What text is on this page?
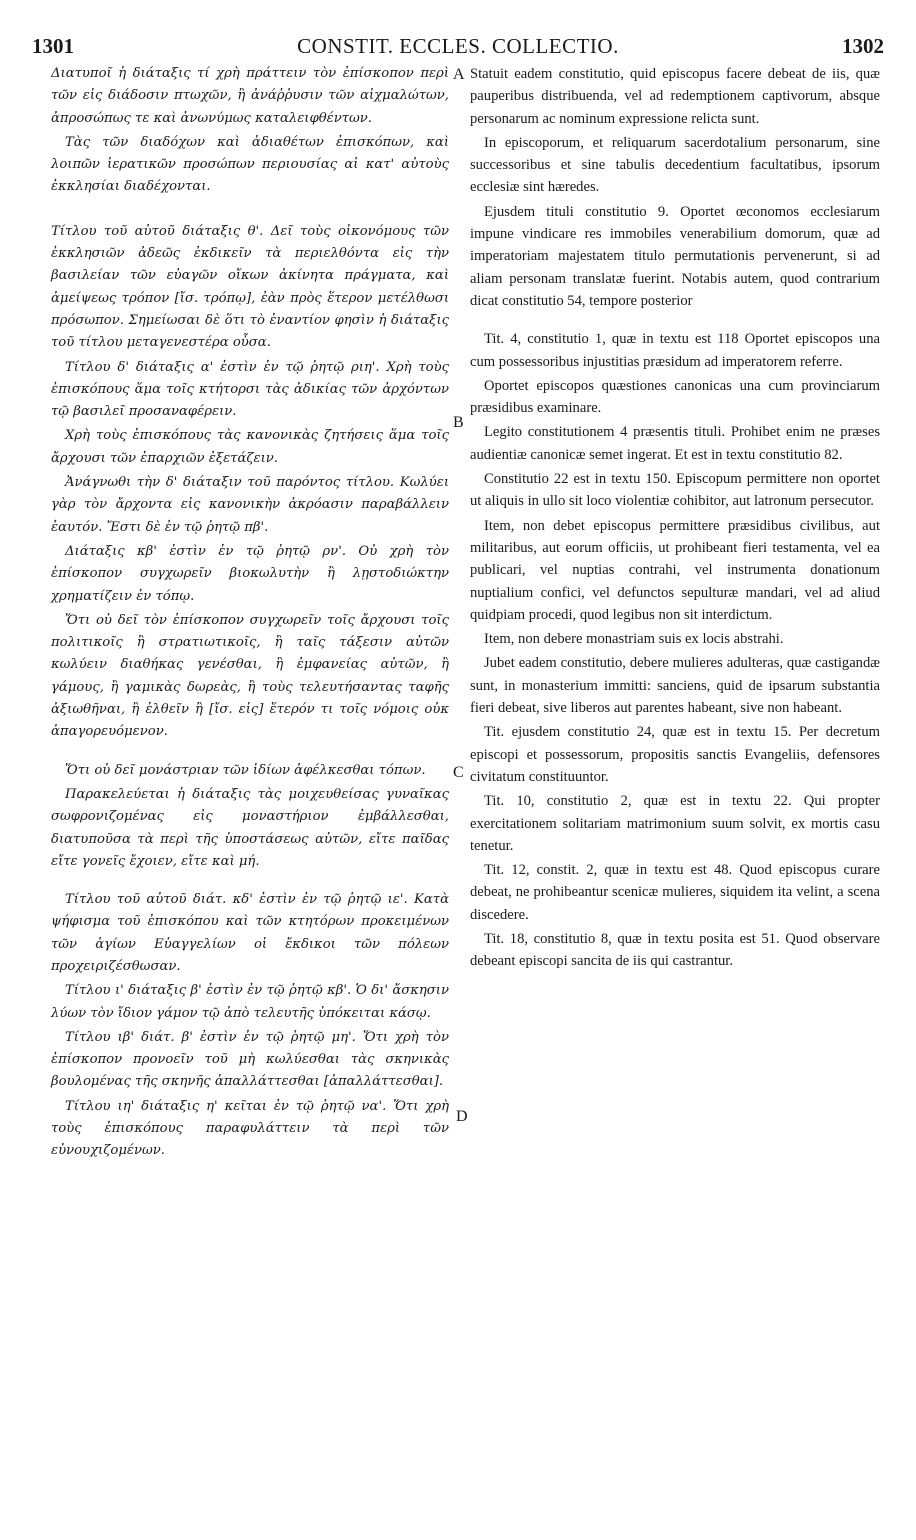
1301	CONSTIT. ECCLES. COLLECTIO.	1302
A
B
C
D

Διατυποῖ ἡ διάταξις τί χρὴ πράττειν τὸν ἐπίσκοπον περὶ τῶν εἰς διάδοσιν πτωχῶν, ἢ ἀνάῤῥυσιν τῶν αἰχμαλώτων, ἀπροσώπως τε καὶ ἀνωνύμως καταλειφθέντων.

Τὰς τῶν διαδόχων καὶ ἀδιαθέτων ἐπισκόπων, καὶ λοιπῶν ἱερατικῶν προσώπων περιουσίας αἱ κατ' αὐτοὺς ἐκκλησίαι διαδέχονται.

Τίτλου τοῦ αὐτοῦ διάταξις θ'. Δεῖ τοὺς οἰκονόμους τῶν ἐκκλησιῶν ἀδεῶς ἐκδικεῖν τὰ περιελθόντα εἰς τὴν βασιλείαν τῶν εὐαγῶν οἴκων ἀκίνητα πράγματα, καὶ ἀμείψεως τρόπον [ἴσ. τρόπῳ], ἐὰν πρὸς ἕτερον μετέλθωσι πρόσωπον. Σημείωσαι δὲ ὅτι τὸ ἐναντίον φησὶν ἡ διάταξις τοῦ τίτλου μεταγενεστέρα οὖσα.

Τίτλου δ' διάταξις α' ἐστὶν ἐν τῷ ῥητῷ ριη'. Χρὴ τοὺς ἐπισκόπους ἅμα τοῖς κτήτορσι τὰς ἀδικίας τῶν ἀρχόντων τῷ βασιλεῖ προσαναφέρειν.

Χρὴ τοὺς ἐπισκόπους τὰς κανονικὰς ζητήσεις ἅμα τοῖς ἄρχουσι τῶν ἐπαρχιῶν ἐξετάζειν.

Ἀνάγνωθι τὴν δ' διάταξιν τοῦ παρόντος τίτλου. Κωλύει γὰρ τὸν ἄρχοντα εἰς κανονικὴν ἀκρόασιν παραβάλλειν ἑαυτόν. Ἔστι δὲ ἐν τῷ ῥητῷ πβ'.

Διάταξις κβ' ἐστὶν ἐν τῷ ῥητῷ ρν'. Οὐ χρὴ τὸν ἐπίσκοπον συγχωρεῖν βιοκωλυτὴν ἢ λῃστοδιώκτην χρηματίζειν ἐν τόπῳ.

Ὅτι οὐ δεῖ τὸν ἐπίσκοπον συγχωρεῖν τοῖς ἄρχουσι τοῖς πολιτικοῖς ἢ στρατιωτικοῖς, ἢ ταῖς τάξεσιν αὐτῶν κωλύειν διαθήκας γενέσθαι, ἢ ἐμφανείας αὐτῶν, ἢ γάμους, ἢ γαμικὰς δωρεὰς, ἢ τοὺς τελευτήσαντας ταφῆς ἀξιωθῆναι, ἢ ἐλθεῖν ἢ [ἴσ. εἰς] ἕτερόν τι τοῖς νόμοις οὐκ ἀπαγορευόμενον.

Ὅτι οὐ δεῖ μονάστριαν τῶν ἰδίων ἀφέλκεσθαι τόπων.

Παρακελεύεται ἡ διάταξις τὰς μοιχευθείσας γυναῖκας σωφρονιζομένας εἰς μοναστήριον ἐμβάλλεσθαι, διατυποῦσα τὰ περὶ τῆς ὑποστάσεως αὐτῶν, εἴτε παῖδας εἴτε γονεῖς ἔχοιεν, εἴτε καὶ μή.

Τίτλου τοῦ αὐτοῦ διάτ. κδ' ἐστὶν ἐν τῷ ῥητῷ ιε'. Κατὰ ψήφισμα τοῦ ἐπισκόπου καὶ τῶν κτητόρων προκειμένων τῶν ἁγίων Εὐαγγελίων οἱ ἔκδικοι τῶν πόλεων προχειριζέσθωσαν.

Τίτλου ι' διάταξις β' ἐστὶν ἐν τῷ ῥητῷ κβ'. Ὁ δι' ἄσκησιν λύων τὸν ἴδιον γάμον τῷ ἀπὸ τελευτῆς ὑπόκειται κάσῳ.

Τίτλου ιβ' διάτ. β' ἐστὶν ἐν τῷ ῥητῷ μη'. Ὅτι χρὴ τὸν ἐπίσκοπον προνοεῖν τοῦ μὴ κωλύεσθαι τὰς σκηνικὰς βουλομένας τῆς σκηνῆς ἀπαλλάττεσθαι [ἀπαλλάττεσθαι].

Τίτλου ιη' διάταξις η' κεῖται ἐν τῷ ῥητῷ να'. Ὅτι χρὴ τοὺς ἐπισκόπους παραφυλάττειν τὰ περὶ τῶν εὐνουχιζομένων.

Statuit eadem constitutio, quid episcopus facere debeat de iis, quæ pauperibus distribuenda, vel ad redemptionem captivorum, absque personarum ac nominum expressione relicta sunt.

In episcoporum, et reliquarum sacerdotalium personarum, sine successoribus et sine tabulis decedentium facultatibus, ipsorum ecclesiæ sint hæredes.

Ejusdem tituli constitutio 9. Oportet œconomos ecclesiarum impune vindicare res immobiles venerabilium domorum, quæ ad imperatoriam majestatem titulo permutationis pervenerunt, si ad aliam personam translatæ fuerint. Notabis autem, quod contrarium dicat constitutio 54, tempore posterior

Tit. 4, constitutio 1, quæ in textu est 118 Oportet episcopos una cum possessoribus injustitias præsidum ad imperatorem referre.

Oportet episcopos quæstiones canonicas una cum provinciarum præsidibus examinare.

Legito constitutionem 4 præsentis tituli. Prohibet enim ne præses audientiæ canonicæ semet ingerat. Et est in textu constitutio 82.

Constitutio 22 est in textu 150. Episcopum permittere non oportet ut aliquis in ullo sit loco violentiæ cohibitor, aut latronum persecutor.

Item, non debet episcopus permittere præsidibus civilibus, aut militaribus, aut eorum officiis, ut prohibeant fieri testamenta, vel ea publicari, vel nuptias contrahi, vel instrumenta donationum nuptialium confici, vel defunctos sepulturæ mandari, vel ad aliud quidpiam procedi, quod legibus non sit interdictum.

Item, non debere monastriam suis ex locis abstrahi.

Jubet eadem constitutio, debere mulieres adulteras, quæ castigandæ sunt, in monasterium immitti: sanciens, quid de ipsarum substantia fieri debeat, sive liberos aut parentes habeant, sive non habeant.

Tit. ejusdem constitutio 24, quæ est in textu 15. Per decretum episcopi et possessorum, propositis sanctis Evangeliis, defensores civitatum constituuntor.

Tit. 10, constitutio 2, quæ est in textu 22. Qui propter exercitationem solitariam matrimonium suum solvit, ex mortis casu tenetur.

Tit. 12, constit. 2, quæ in textu est 48. Quod episcopus curare debeat, ne prohibeantur scenicæ mulieres, siquidem ita velint, a scena discedere.

Tit. 18, constitutio 8, quæ in textu posita est 51. Quod observare debeant episcopi sancita de iis qui castrantur.
